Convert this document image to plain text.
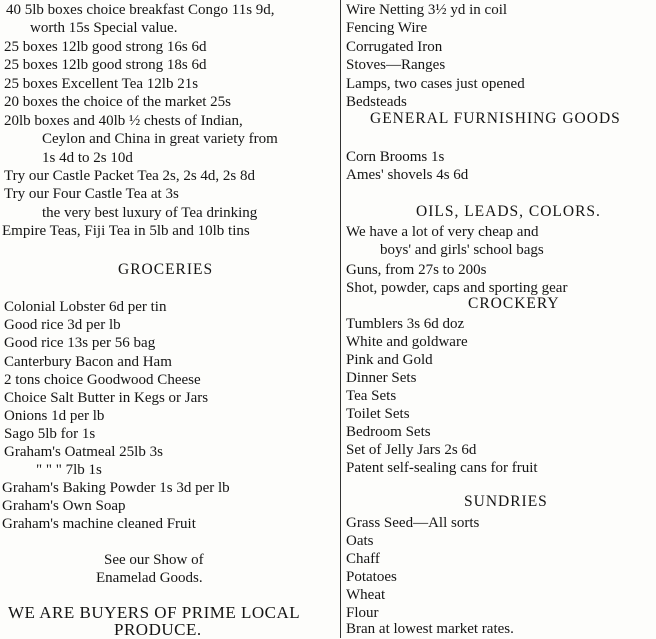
40 5lb boxes choice breakfast Congo 11s 9d,
worth 15s Special value.
25 boxes 12lb good strong 16s 6d
25 boxes 12lb good strong 18s 6d
25 boxes Excellent Tea 12lb 21s
20 boxes the choice of the market 25s
20lb boxes and 40lb ½ chests of Indian,
Ceylon and China in great variety from
1s 4d to 2s 10d
Try our Castle Packet Tea 2s, 2s 4d, 2s 8d
Try our Four Castle Tea at 3s
the very best luxury of Tea drinking
Empire Teas, Fiji Tea in 5lb and 10lb tins
GROCERIES
Colonial Lobster 6d per tin
Good rice 3d per lb
Good rice 13s per 56 bag
Canterbury Bacon and Ham
2 tons choice Goodwood Cheese
Choice Salt Butter in Kegs or Jars
Onions 1d per lb
Sago 5lb for 1s
Graham's Oatmeal 25lb 3s
" " " 7lb 1s
Graham's Baking Powder 1s 3d per lb
Graham's Own Soap
Graham's machine cleaned Fruit
See our Show of
Enamelad Goods.
WE ARE BUYERS OF PRIME LOCAL
PRODUCE.
Wire Netting 3½ yd in coil
Fencing Wire
Corrugated Iron
Stoves—Ranges
Lamps, two cases just opened
Bedsteads
GENERAL FURNISHING GOODS
Corn Brooms 1s
Ames' shovels 4s 6d
OILS, LEADS, COLORS.
We have a lot of very cheap and
boys' and girls' school bags
Guns, from 27s to 200s
Shot, powder, caps and sporting gear
CROCKERY
Tumblers 3s 6d doz
White and goldware
Pink and Gold
Dinner Sets
Tea Sets
Toilet Sets
Bedroom Sets
Set of Jelly Jars 2s 6d
Patent self-sealing cans for fruit
SUNDRIES
Grass Seed—All sorts
Oats
Chaff
Potatoes
Wheat
Flour
Bran at lowest market rates.
